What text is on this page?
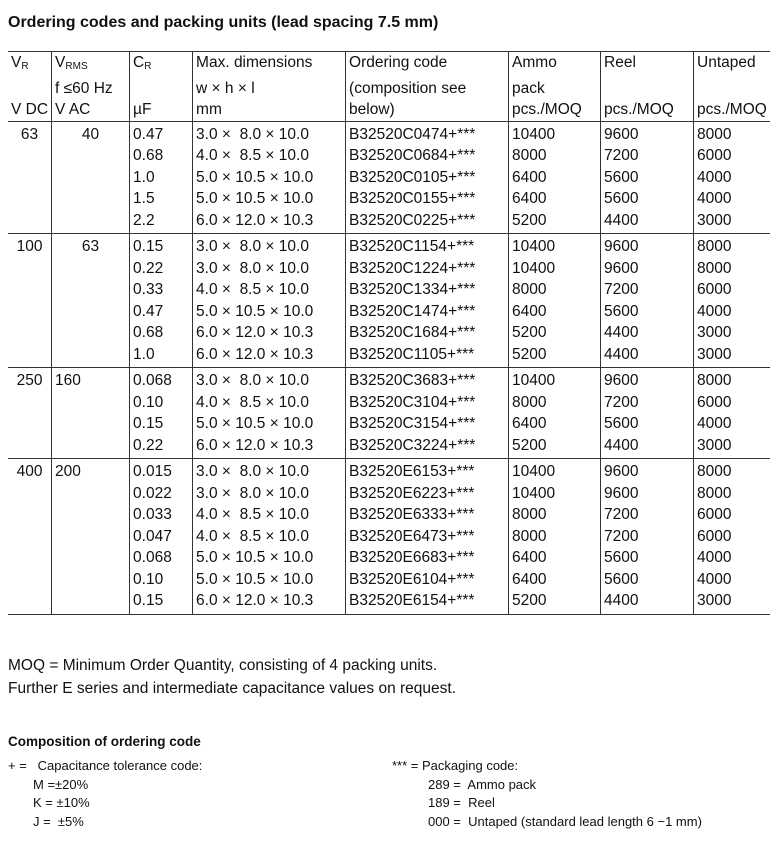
Ordering codes and packing units (lead spacing 7.5 mm)
$V_R$	$V_{RMS}$	$C_R$	Max. dimensions	Ordering code	Ammo	Reel	Untaped
	f ≤60 Hz		w × h × l	(composition see	pack		
V DC	V AC	µF	mm	below)	pcs./MOQ	pcs./MOQ	pcs./MOQ
63	40	0.47	3.0 ×  8.0 × 10.0	B32520C0474+***	10400	9600	8000
		0.68	4.0 ×  8.5 × 10.0	B32520C0684+***	8000	7200	6000
		1.0	5.0 × 10.5 × 10.0	B32520C0105+***	6400	5600	4000
		1.5	5.0 × 10.5 × 10.0	B32520C0155+***	6400	5600	4000
		2.2	6.0 × 12.0 × 10.3	B32520C0225+***	5200	4400	3000
100	63	0.15	3.0 ×  8.0 × 10.0	B32520C1154+***	10400	9600	8000
		0.22	3.0 ×  8.0 × 10.0	B32520C1224+***	10400	9600	8000
		0.33	4.0 ×  8.5 × 10.0	B32520C1334+***	8000	7200	6000
		0.47	5.0 × 10.5 × 10.0	B32520C1474+***	6400	5600	4000
		0.68	6.0 × 12.0 × 10.3	B32520C1684+***	5200	4400	3000
		1.0	6.0 × 12.0 × 10.3	B32520C1105+***	5200	4400	3000
250	160	0.068	3.0 ×  8.0 × 10.0	B32520C3683+***	10400	9600	8000
		0.10	4.0 ×  8.5 × 10.0	B32520C3104+***	8000	7200	6000
		0.15	5.0 × 10.5 × 10.0	B32520C3154+***	6400	5600	4000
		0.22	6.0 × 12.0 × 10.3	B32520C3224+***	5200	4400	3000
400	200	0.015	3.0 ×  8.0 × 10.0	B32520E6153+***	10400	9600	8000
		0.022	3.0 ×  8.0 × 10.0	B32520E6223+***	10400	9600	8000
		0.033	4.0 ×  8.5 × 10.0	B32520E6333+***	8000	7200	6000
		0.047	4.0 ×  8.5 × 10.0	B32520E6473+***	8000	7200	6000
		0.068	5.0 × 10.5 × 10.0	B32520E6683+***	6400	5600	4000
		0.10	5.0 × 10.5 × 10.0	B32520E6104+***	6400	5600	4000
		0.15	6.0 × 12.0 × 10.3	B32520E6154+***	5200	4400	3000
MOQ = Minimum Order Quantity, consisting of 4 packing units.
Further E series and intermediate capacitance values on request.
Composition of ordering code
+ =   Capacitance tolerance code:
M =±20%
K = ±10%
J =  ±5%
*** = Packaging code:
289 =  Ammo pack
189 =  Reel
000 =  Untaped (standard lead length 6 −1 mm)
